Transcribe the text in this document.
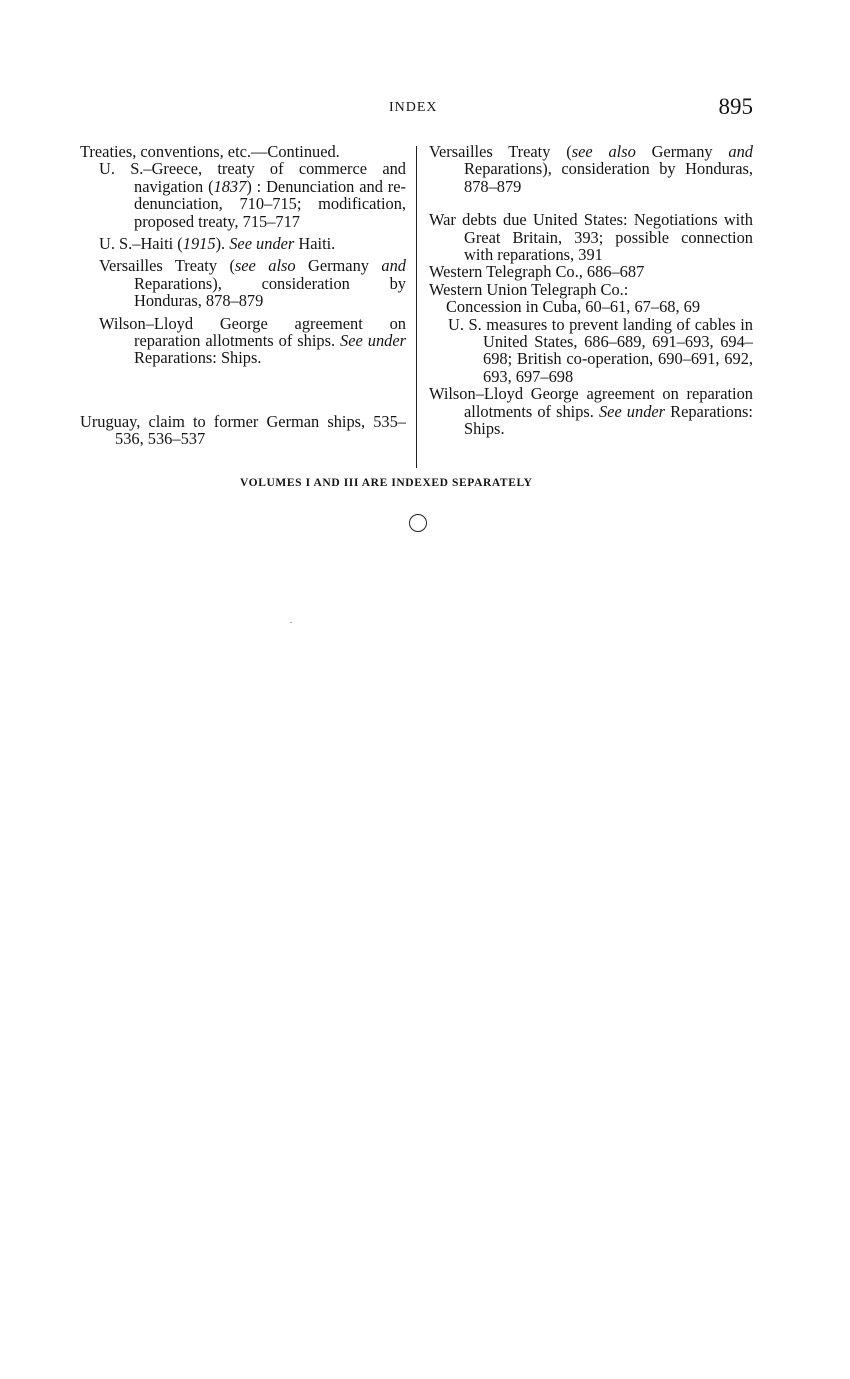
INDEX	895
Treaties, conventions, etc.—Continued.
U. S.–Greece, treaty of commerce and navigation (1837) : Denunciation and re-denunciation, 710–715; modification, proposed treaty, 715–717
U. S.–Haiti (1915). See under Haiti.
Versailles Treaty (see also Germany and Reparations), consideration by Honduras, 878–879
Wilson–Lloyd George agreement on reparation allotments of ships. See under Reparations: Ships.
Uruguay, claim to former German ships, 535–536, 536–537
Versailles Treaty (see also Germany and Reparations), consideration by Honduras, 878–879
War debts due United States: Negotiations with Great Britain, 393; possible connection with reparations, 391
Western Telegraph Co., 686–687
Western Union Telegraph Co.:
Concession in Cuba, 60–61, 67–68, 69
U. S. measures to prevent landing of cables in United States, 686–689, 691–693, 694–698; British co-operation, 690–691, 692, 693, 697–698
Wilson–Lloyd George agreement on reparation allotments of ships. See under Reparations: Ships.
VOLUMES I AND III ARE INDEXED SEPARATELY
